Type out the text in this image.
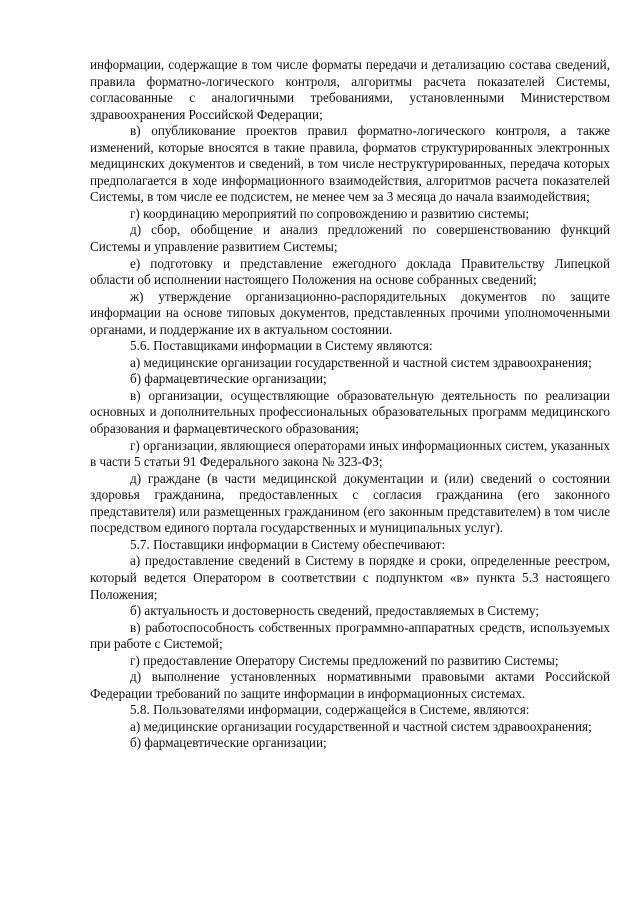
информации, содержащие в том числе форматы передачи и детализацию состава сведений, правила форматно-логического контроля, алгоритмы расчета показателей Системы, согласованные с аналогичными требованиями, установленными Министерством здравоохранения Российской Федерации;

в) опубликование проектов правил форматно-логического контроля, а также изменений, которые вносятся в такие правила, форматов структурированных электронных медицинских документов и сведений, в том числе неструктурированных, передача которых предполагается в ходе информационного взаимодействия, алгоритмов расчета показателей Системы, в том числе ее подсистем, не менее чем за 3 месяца до начала взаимодействия;

г) координацию мероприятий по сопровождению и развитию системы;

д) сбор, обобщение и анализ предложений по совершенствованию функций Системы и управление развитием Системы;

е) подготовку и представление ежегодного доклада Правительству Липецкой области об исполнении настоящего Положения на основе собранных сведений;

ж) утверждение организационно-распорядительных документов по защите информации на основе типовых документов, представленных прочими уполномоченными органами, и поддержание их в актуальном состоянии.

5.6. Поставщиками информации в Систему являются:

а) медицинские организации государственной и частной систем здравоохранения;

б) фармацевтические организации;

в) организации, осуществляющие образовательную деятельность по реализации основных и дополнительных профессиональных образовательных программ медицинского образования и фармацевтического образования;

г) организации, являющиеся операторами иных информационных систем, указанных в части 5 статьи 91 Федерального закона № 323-ФЗ;

д) граждане (в части медицинской документации и (или) сведений о состоянии здоровья гражданина, предоставленных с согласия гражданина (его законного представителя) или размещенных гражданином (его законным представителем) в том числе посредством единого портала государственных и муниципальных услуг).

5.7. Поставщики информации в Систему обеспечивают:

а) предоставление сведений в Систему в порядке и сроки, определенные реестром, который ведется Оператором в соответствии с подпунктом «в» пункта 5.3 настоящего Положения;

б) актуальность и достоверность сведений, предоставляемых в Систему;

в) работоспособность собственных программно-аппаратных средств, используемых при работе с Системой;

г) предоставление Оператору Системы предложений по развитию Системы;

д) выполнение установленных нормативными правовыми актами Российской Федерации требований по защите информации в информационных системах.

5.8. Пользователями информации, содержащейся в Системе, являются:

а) медицинские организации государственной и частной систем здравоохранения;

б) фармацевтические организации;
